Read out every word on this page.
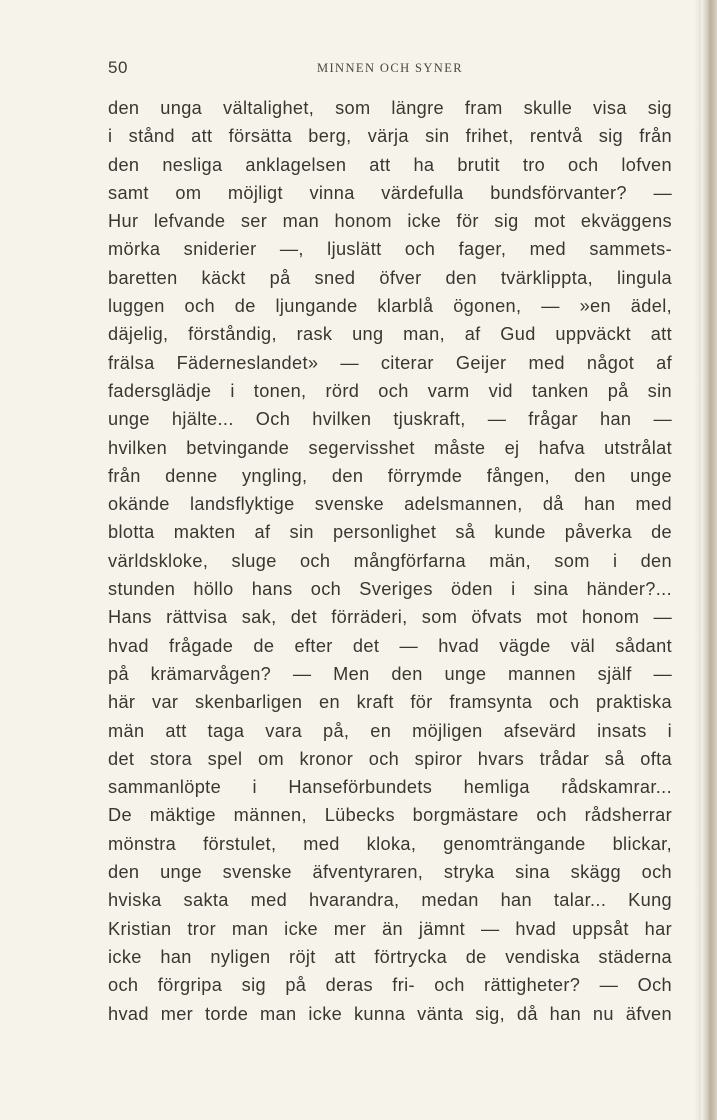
50	MINNEN OCH SYNER
den unga vältalighet, som längre fram skulle visa sig
i stånd att försätta berg, värja sin frihet, rentvå sig från
den nesliga anklagelsen att ha brutit tro och lofven
samt om möjligt vinna värdefulla bundsförvanter? —
Hur lefvande ser man honom icke för sig mot ekväggens
mörka sniderier —, ljuslätt och fager, med sammets-
baretten käckt på sned öfver den tvärklippta, lingula
luggen och de ljungande klarblå ögonen, — »en ädel,
däjelig, förståndig, rask ung man, af Gud uppväckt att
frälsa Fäderneslandet» — citerar Geijer med något af
fadersglädje i tonen, rörd och varm vid tanken på sin
unge hjälte... Och hvilken tjuskraft, — frågar han —
hvilken betvingande segervisshet måste ej hafva utstrålat
från denne yngling, den förrymde fången, den unge
okände landsflyktige svenske adelsmannen, då han med
blotta makten af sin personlighet så kunde påverka de
världskloke, sluge och mångförfarna män, som i den
stunden höllo hans och Sveriges öden i sina händer?...
Hans rättvisa sak, det förräderi, som öfvats mot honom —
hvad frågade de efter det — hvad vägde väl sådant
på krämarvågen? — Men den unge mannen själf —
här var skenbarligen en kraft för framsynta och praktiska
män att taga vara på, en möjligen afsevärd insats i
det stora spel om kronor och spiror hvars trådar så ofta
sammanlöpte i Hanseförbundets hemliga rådskamrar...
De mäktige männen, Lübecks borgmästare och rådsherrar
mönstra förstulet, med kloka, genomträngande blickar,
den unge svenske äfventyraren, stryka sina skägg och
hviska sakta med hvarandra, medan han talar... Kung
Kristian tror man icke mer än jämnt — hvad uppsåt har
icke han nyligen röjt att förtrycka de vendiska städerna
och förgripa sig på deras fri- och rättigheter? — Och
hvad mer torde man icke kunna vänta sig, då han nu äfven
